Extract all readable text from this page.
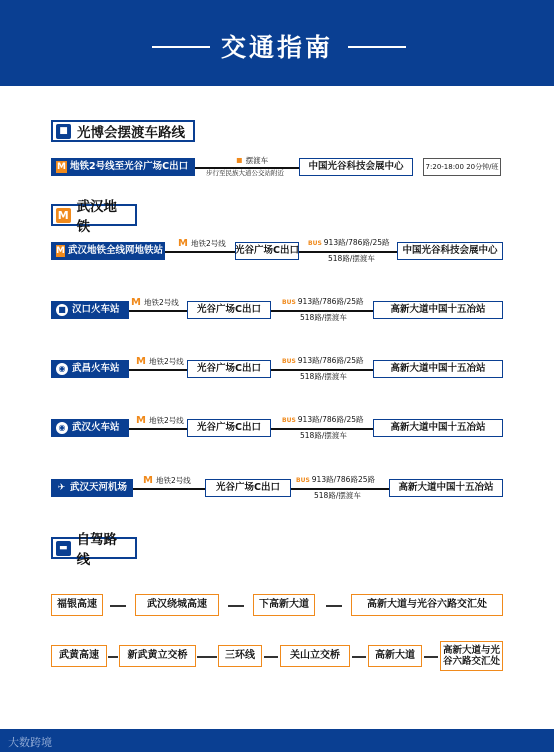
交通指南
■ 光博会摆渡车路线
M 地铁2号线至光谷广场C出口
▪ 摆渡车
步行至民族大道公交站附近
中国光谷科技会展中心	7:20-18:00 20分钟/班
M 武汉地铁
M 武汉地铁全线网地铁站
M 地铁2号线
光谷广场C出口
BUS 913路/786路/25路
518路/摆渡车
中国光谷科技会展中心
■ 汉口火车站
M 地铁2号线
光谷广场C出口
BUS 913路/786路/25路
518路/摆渡车
高新大道中国十五冶站
◉ 武昌火车站
M 地铁2号线
光谷广场C出口
BUS 913路/786路/25路
518路/摆渡车
高新大道中国十五冶站
◉ 武汉火车站
M 地铁2号线
光谷广场C出口
BUS 913路/786路/25路
518路/摆渡车
高新大道中国十五冶站
✈ 武汉天河机场
M 地铁2号线
光谷广场C出口
BUS 913路/786路25路
518路/摆渡车
高新大道中国十五冶站
▬ 自驾路线
福银高速	武汉绕城高速	下高新大道	高新大道与光谷六路交汇处
武黄高速	新武黄立交桥	三环线	关山立交桥	高新大道	高新大道与光谷六路交汇处
大数跨境
